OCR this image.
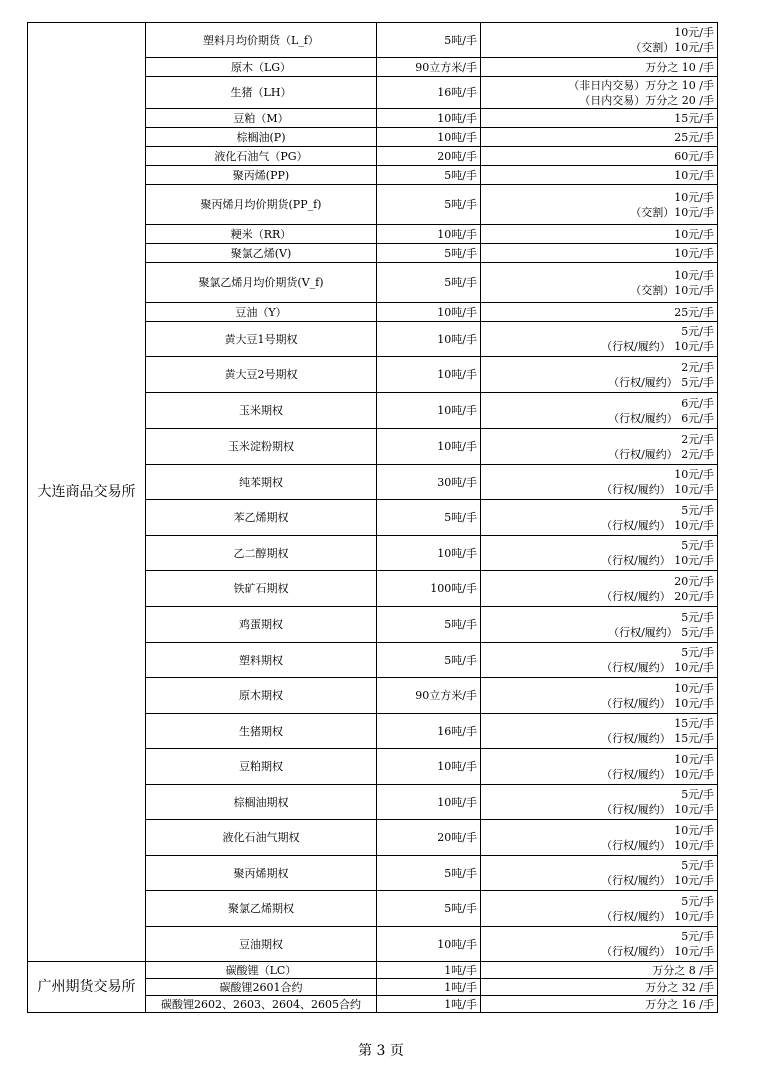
大连商品交易所	塑料月均价期货（L_f）	5吨/手	10元/手
（交割）10元/手

	原木（LG）	90立方米/手	万分之 10 /手

	生猪（LH）	16吨/手	（非日内交易）万分之 10 /手
（日内交易）万分之 20 /手

	豆粕（M）	10吨/手	15元/手

	棕榈油(P)	10吨/手	25元/手

	液化石油气（PG）	20吨/手	60元/手

	聚丙烯(PP)	5吨/手	10元/手

	聚丙烯月均价期货(PP_f)	5吨/手	10元/手
（交割）10元/手

	粳米（RR）	10吨/手	10元/手

	聚氯乙烯(V)	5吨/手	10元/手

	聚氯乙烯月均价期货(V_f)	5吨/手	10元/手
（交割）10元/手

	豆油（Y）	10吨/手	25元/手

	黄大豆1号期权	10吨/手	5元/手
（行权/履约） 10元/手

	黄大豆2号期权	10吨/手	2元/手
（行权/履约） 5元/手

	玉米期权	10吨/手	6元/手
（行权/履约） 6元/手

	玉米淀粉期权	10吨/手	2元/手
（行权/履约） 2元/手

	纯苯期权	30吨/手	10元/手
（行权/履约） 10元/手

	苯乙烯期权	5吨/手	5元/手
（行权/履约） 10元/手

	乙二醇期权	10吨/手	5元/手
（行权/履约） 10元/手

	铁矿石期权	100吨/手	20元/手
（行权/履约） 20元/手

	鸡蛋期权	5吨/手	5元/手
（行权/履约） 5元/手

	塑料期权	5吨/手	5元/手
（行权/履约） 10元/手

	原木期权	90立方米/手	10元/手
（行权/履约） 10元/手

	生猪期权	16吨/手	15元/手
（行权/履约） 15元/手

	豆粕期权	10吨/手	10元/手
（行权/履约） 10元/手

	棕榈油期权	10吨/手	5元/手
（行权/履约） 10元/手

	液化石油气期权	20吨/手	10元/手
（行权/履约） 10元/手

	聚丙烯期权	5吨/手	5元/手
（行权/履约） 10元/手

	聚氯乙烯期权	5吨/手	5元/手
（行权/履约） 10元/手

	豆油期权	10吨/手	5元/手
（行权/履约） 10元/手

广州期货交易所	碳酸锂（LC）	1吨/手	万分之 8 /手

	碳酸锂2601合约	1吨/手	万分之 32 /手

	碳酸锂2602、2603、2604、2605合约	1吨/手	万分之 16 /手
第 3 页
